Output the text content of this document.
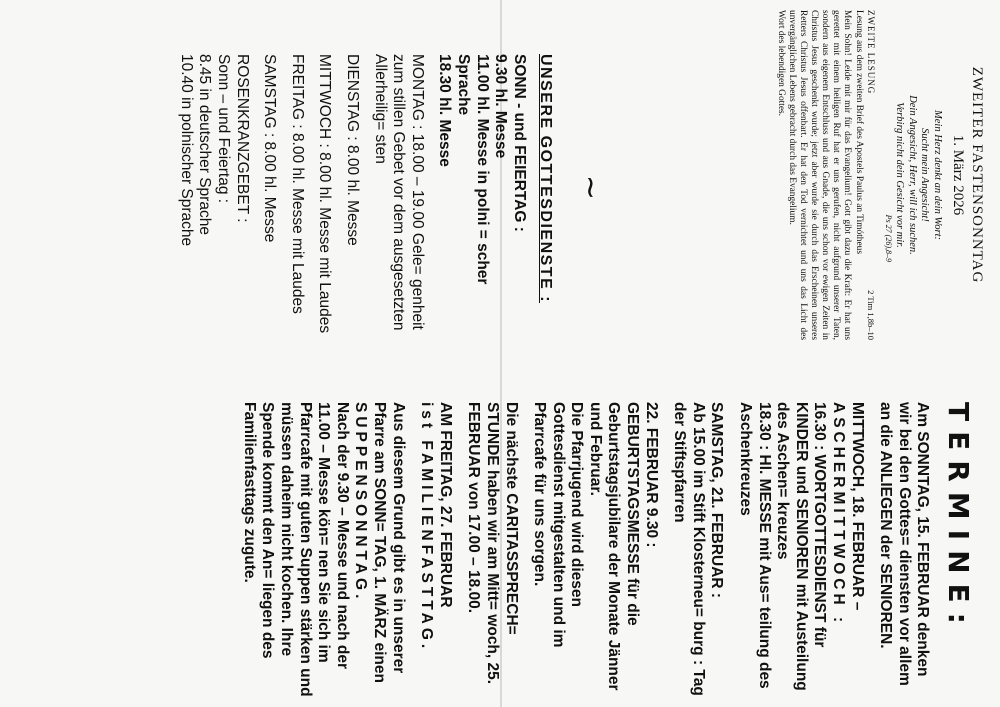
ZWEITER FASTENSONNTAG
1. März 2026
Mein Herz denkt an dein Wort:
Sucht mein Angesicht!
Dein Angesicht, Herr, will ich suchen.
Verbirg nicht dein Gesicht vor mir.
Ps 27 (26),8–9
ZWEITE LESUNG
2 Tim 1,8b–10
Lesung aus dem zweiten Brief des Apostels Paulus an Timótheus
Mein Sohn! Leide mit mir für das Evangelium! Gott gibt dazu die Kraft: Er hat uns gerettet mit einem heiligen Ruf hat er uns gerufen, nicht aufgrund unserer Taten, sondern aus eigenem Entschluss und aus Gnade, die uns schon vor ewigen Zeiten in Christus Jesus geschenkt wurde; jetzt aber wurde sie durch das Erscheinen unseres Retters Christus Jesus offenbart. Er hat den Tod vernichtet und uns das Licht des unvergänglichen Lebens gebracht durch das Evangelium.
Wort des lebendigen Gottes.
∼
UNSERE GOTTESDIENSTE :
SONN - und FEIERTAG :
9.30 hl. Messe
11.00 hl. Messe in polni = scher Sprache

18.30 hl. Messe

MONTAG : 18.00 – 19.00 Gele= genheit zum stillen Gebet vor dem ausgesetzten Allerheilig= sten

DIENSTAG : 8.00 hl. Messe

MITTWOCH : 8.00 hl. Messe mit Laudes

FREITAG : 8.00 hl. Messe mit Laudes

SAMSTAG : 8.00 hl. Messe

ROSENKRANZGEBET :
Sonn – und Feiertag :
8.45 in deutscher Sprache
10.40 in polnischer Sprache
TERMINE:

Am SONNTAG, 15. FEBRUAR denken wir bei den Gottes= diensten vor allem an die ANLIEGEN der SENIOREN.

MITTWOCH, 18. FEBRUAR –
ASCHERMITTWOCH :
16.30 : WORTGOTTESDIENST für KINDER und SENIOREN mit Austeilung des Aschen= kreuzes

18.30 : Hl. MESSE mit Aus= teilung des Aschenkreuzes

SAMSTAG, 21. FEBRUAR :

Ab 15.00 im Stift Klosterneu= burg : Tag der Stiftspfarren

22. FEBRUAR 9.30 :
GEBURTSTAGSMESSE für die Geburtstagsjubilare der Monate Jänner und Februar.

Die Pfarrjugend wird diesen Gottesdienst mitgestalten und im Pfarrcafe für uns sorgen.

Die nächste CARITASSPRECH= STUNDE haben wir am Mitt= woch, 25. FEBRUAR von 17.00 – 18.00.

AM FREITAG, 27. FEBRUAR

ist FAMILIENFASTTAG.

Aus diesem Grund gibt es in unserer Pfarre am SONN= TAG, 1. MÄRZ einen
SUPPENSONNTAG.
Nach der 9.30 – Messe und nach der 11.00 – Messe kön= nen Sie sich im Pfarrcafe mit guten Suppen stärken und müssen daheim nicht kochen. Ihre Spende kommt den An= liegen des Familienfasttags zugute.
